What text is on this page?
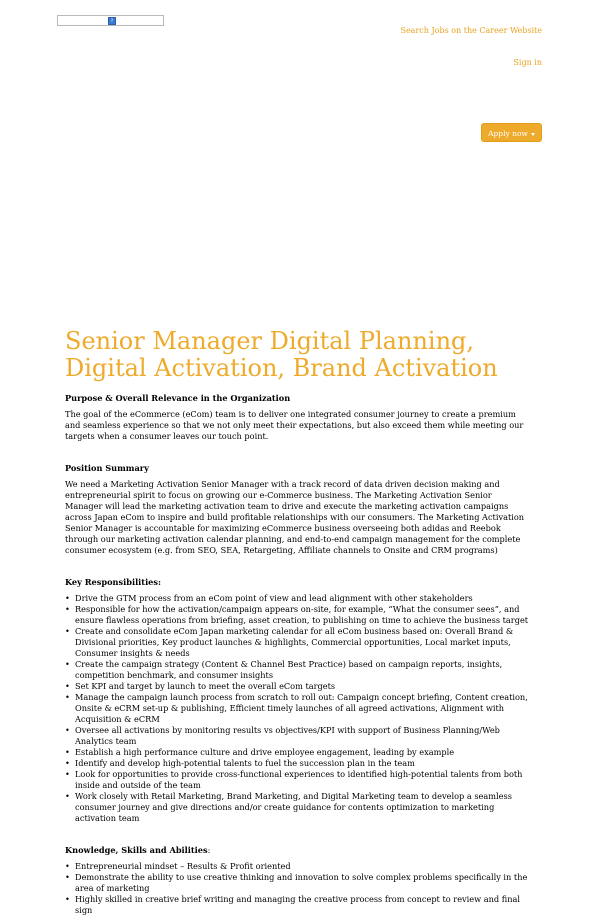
?
Search Jobs on the Career Website
Sign in
Apply now
Senior Manager Digital Planning, Digital Activation, Brand Activation
Purpose & Overall Relevance in the Organization

The goal of the eCommerce (eCom) team is to deliver one integrated consumer journey to create a premium and seamless experience so that we not only meet their expectations, but also exceed them while meeting our targets when a consumer leaves our touch point.

Position Summary

We need a Marketing Activation Senior Manager with a track record of data driven decision making and entrepreneurial spirit to focus on growing our e-Commerce business. The Marketing Activation Senior Manager will lead the marketing activation team to drive and execute the marketing activation campaigns across Japan eCom to inspire and build profitable relationships with our consumers. The Marketing Activation Senior Manager is accountable for maximizing eCommerce business overseeing both adidas and Reebok through our marketing activation calendar planning, and end-to-end campaign management for the complete consumer ecosystem (e.g. from SEO, SEA, Retargeting, Affiliate channels to Onsite and CRM programs)

Key Responsibilities:
• Drive the GTM process from an eCom point of view and lead alignment with other stakeholders
• Responsible for how the activation/campaign appears on-site, for example, “What the consumer sees”, and ensure flawless operations from briefing, asset creation, to publishing on time to achieve the business target
• Create and consolidate eCom Japan marketing calendar for all eCom business based on: Overall Brand & Divisional priorities, Key product launches & highlights, Commercial opportunities, Local market inputs, Consumer insights & needs
• Create the campaign strategy (Content & Channel Best Practice) based on campaign reports, insights, competition benchmark, and consumer insights
• Set KPI and target by launch to meet the overall eCom targets
• Manage the campaign launch process from scratch to roll out: Campaign concept briefing, Content creation, Onsite & eCRM set-up & publishing, Efficient timely launches of all agreed activations, Alignment with Acquisition & eCRM
• Oversee all activations by monitoring results vs objectives/KPI with support of Business Planning/Web Analytics team
• Establish a high performance culture and drive employee engagement, leading by example
• Identify and develop high-potential talents to fuel the succession plan in the team
• Look for opportunities to provide cross-functional experiences to identified high-potential talents from both inside and outside of the team
• Work closely with Retail Marketing, Brand Marketing, and Digital Marketing team to develop a seamless consumer journey and give directions and/or create guidance for contents optimization to marketing activation team
Knowledge, Skills and Abilities:
• Entrepreneurial mindset – Results & Profit oriented
• Demonstrate the ability to use creative thinking and innovation to solve complex problems specifically in the area of marketing
• Highly skilled in creative brief writing and managing the creative process from concept to review and final sign
